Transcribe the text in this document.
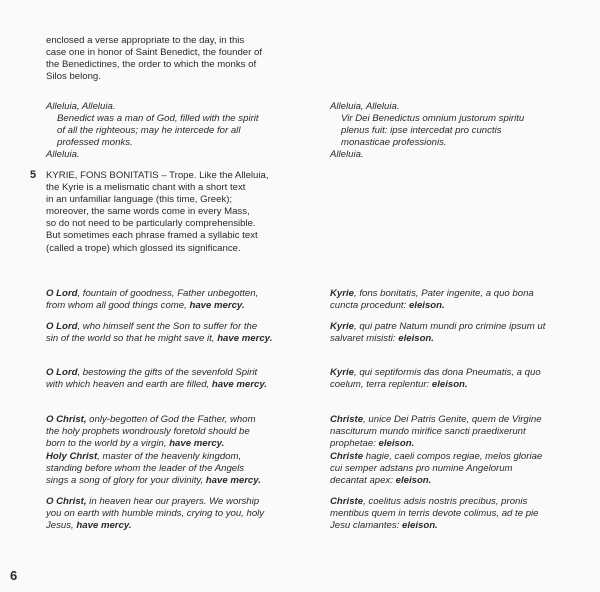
enclosed a verse appropriate to the day, in this

case one in honor of Saint Benedict, the founder of

the Benedictines, the order to which the monks of

Silos belong.

Alleluia, Alleluia.

Benedict was a man of God, filled with the spirit

of all the righteous; may he intercede for all

professed monks.

Alleluia.

Alleluia, Alleluia.

Vir Dei Benedictus omnium justorum spiritu

plenus fuit: ipse intercedat pro cunctis

monasticae professionis.

Alleluia.

5 KYRIE, FONS BONITATIS – Trope. Like the Alleluia,

the Kyrie is a melismatic chant with a short text

in an unfamiliar language (this time, Greek);

moreover, the same words come in every Mass,

so do not need to be particularly comprehensible.

But sometimes each phrase framed a syllabic text

(called a trope) which glossed its significance.

O Lord, fountain of goodness, Father unbegotten,

from whom all good things come, have mercy.

O Lord, who himself sent the Son to suffer for the

sin of the world so that he might save it, have mercy.

O Lord, bestowing the gifts of the sevenfold Spirit

with which heaven and earth are filled, have mercy.

O Christ, only-begotten of God the Father, whom

the holy prophets wondrously foretold should be

born to the world by a virgin, have mercy.

Holy Christ, master of the heavenly kingdom,

standing before whom the leader of the Angels

sings a song of glory for your divinity, have mercy.

O Christ, in heaven hear our prayers. We worship

you on earth with humble minds, crying to you, holy

Jesus, have mercy.

Kyrie, fons bonitatis, Pater ingenite, a quo bona

cuncta procedunt: eleison.

Kyrie, qui patre Natum mundi pro crimine ipsum ut

salvaret misisti: eleison.

Kyrie, qui septiformis das dona Pneumatis, a quo

coelum, terra replentur: eleison.

Christe, unice Dei Patris Genite, quem de Virgine

nasciturum mundo mirifice sancti praedixerunt

prophetae: eleison.

Christe hagie, caeli compos regiae, melos gloriae

cui semper adstans pro numine Angelorum

decantat apex: eleison.

Christe, coelitus adsis nostris precibus, pronis

mentibus quem in terris devote colimus, ad te pie

Jesu clamantes: eleison.

6
